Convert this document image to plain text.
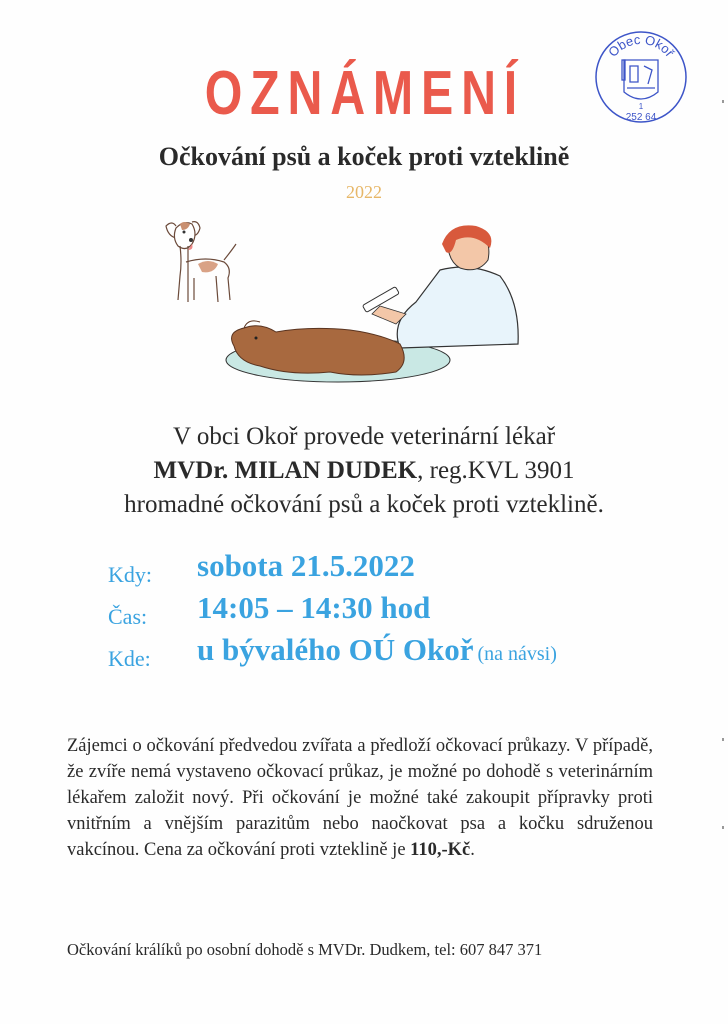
Obec Okoř
1
252 64
OZNÁMENÍ
Očkování psů a koček proti vzteklině
2022
V obci Okoř provede veterinární lékař
MVDr. MILAN DUDEK, reg.KVL 3901
hromadné očkování psů a koček proti vzteklině.
Kdy: sobota 21.5.2022
Čas: 14:05 – 14:30 hod
Kde: u bývalého OÚ Okoř (na návsi)
Zájemci o očkování předvedou zvířata a předloží očkovací průkazy. V případě, že zvíře nemá vystaveno očkovací průkaz, je možné po dohodě s veterinárním lékařem založit nový. Při očkování je možné také zakoupit přípravky proti vnitřním a vnějším parazitům nebo naočkovat psa a kočku sdruženou vakcínou. Cena za očkování proti vzteklině je 110,-Kč.
Očkování králíků po osobní dohodě s MVDr. Dudkem, tel: 607 847 371
